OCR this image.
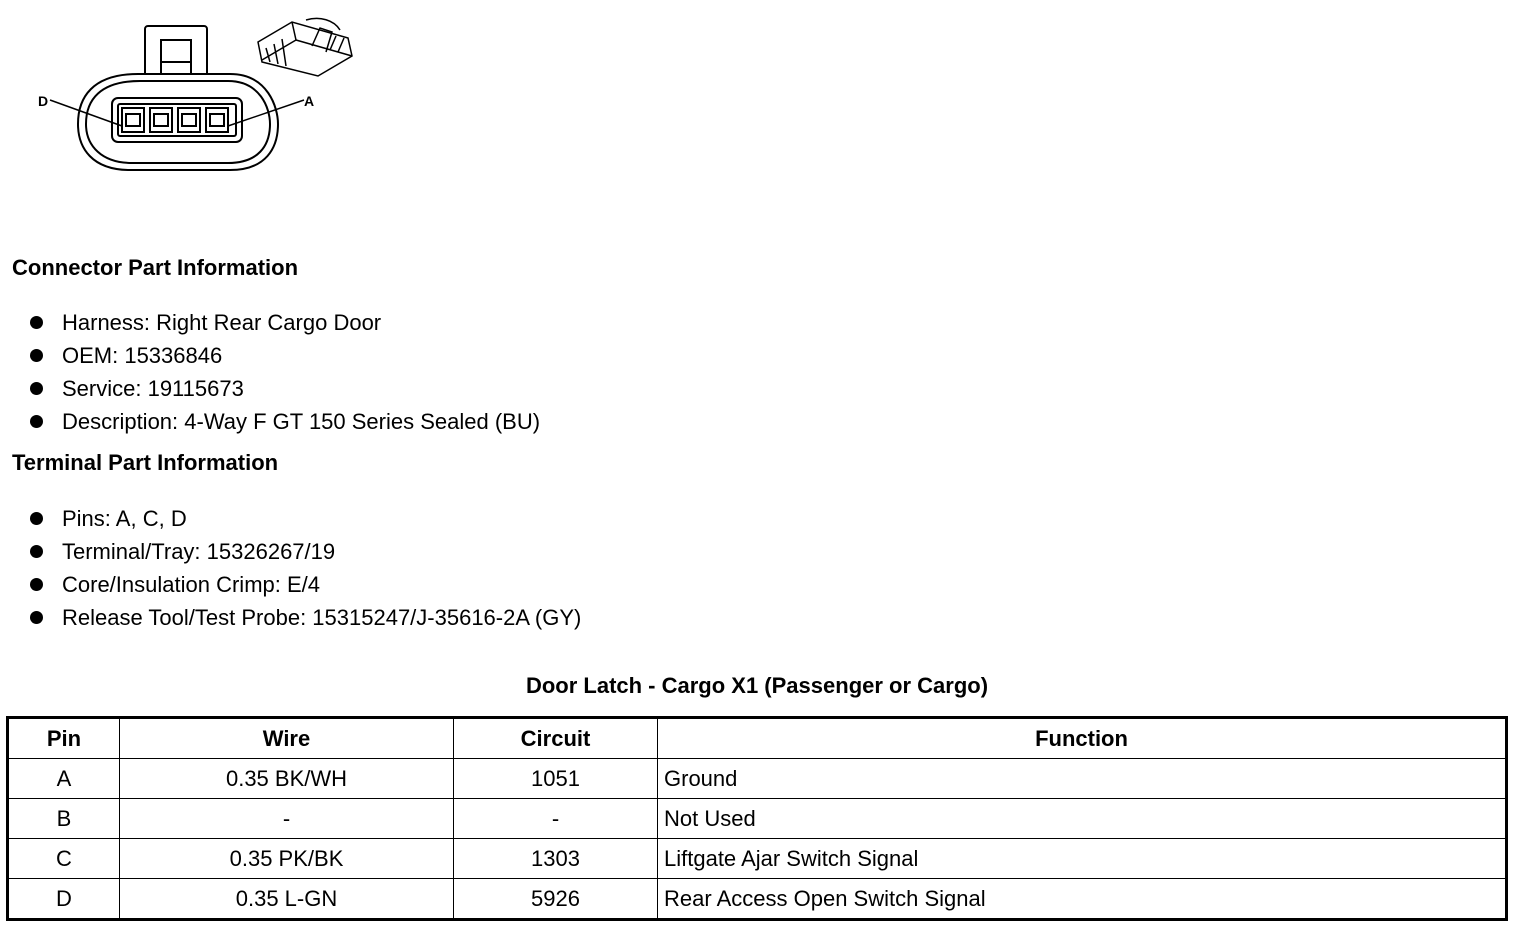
D	A
Connector Part Information
Harness: Right Rear Cargo Door
OEM: 15336846
Service: 19115673
Description: 4-Way F GT 150 Series Sealed (BU)
Terminal Part Information
Pins: A, C, D
Terminal/Tray: 15326267/19
Core/Insulation Crimp: E/4
Release Tool/Test Probe: 15315247/J-35616-2A (GY)
Door Latch - Cargo X1 (Passenger or Cargo)
Pin	Wire	Circuit	Function
A	0.35 BK/WH	1051	Ground
B	-	-	Not Used
C	0.35 PK/BK	1303	Liftgate Ajar Switch Signal
D	0.35 L-GN	5926	Rear Access Open Switch Signal
